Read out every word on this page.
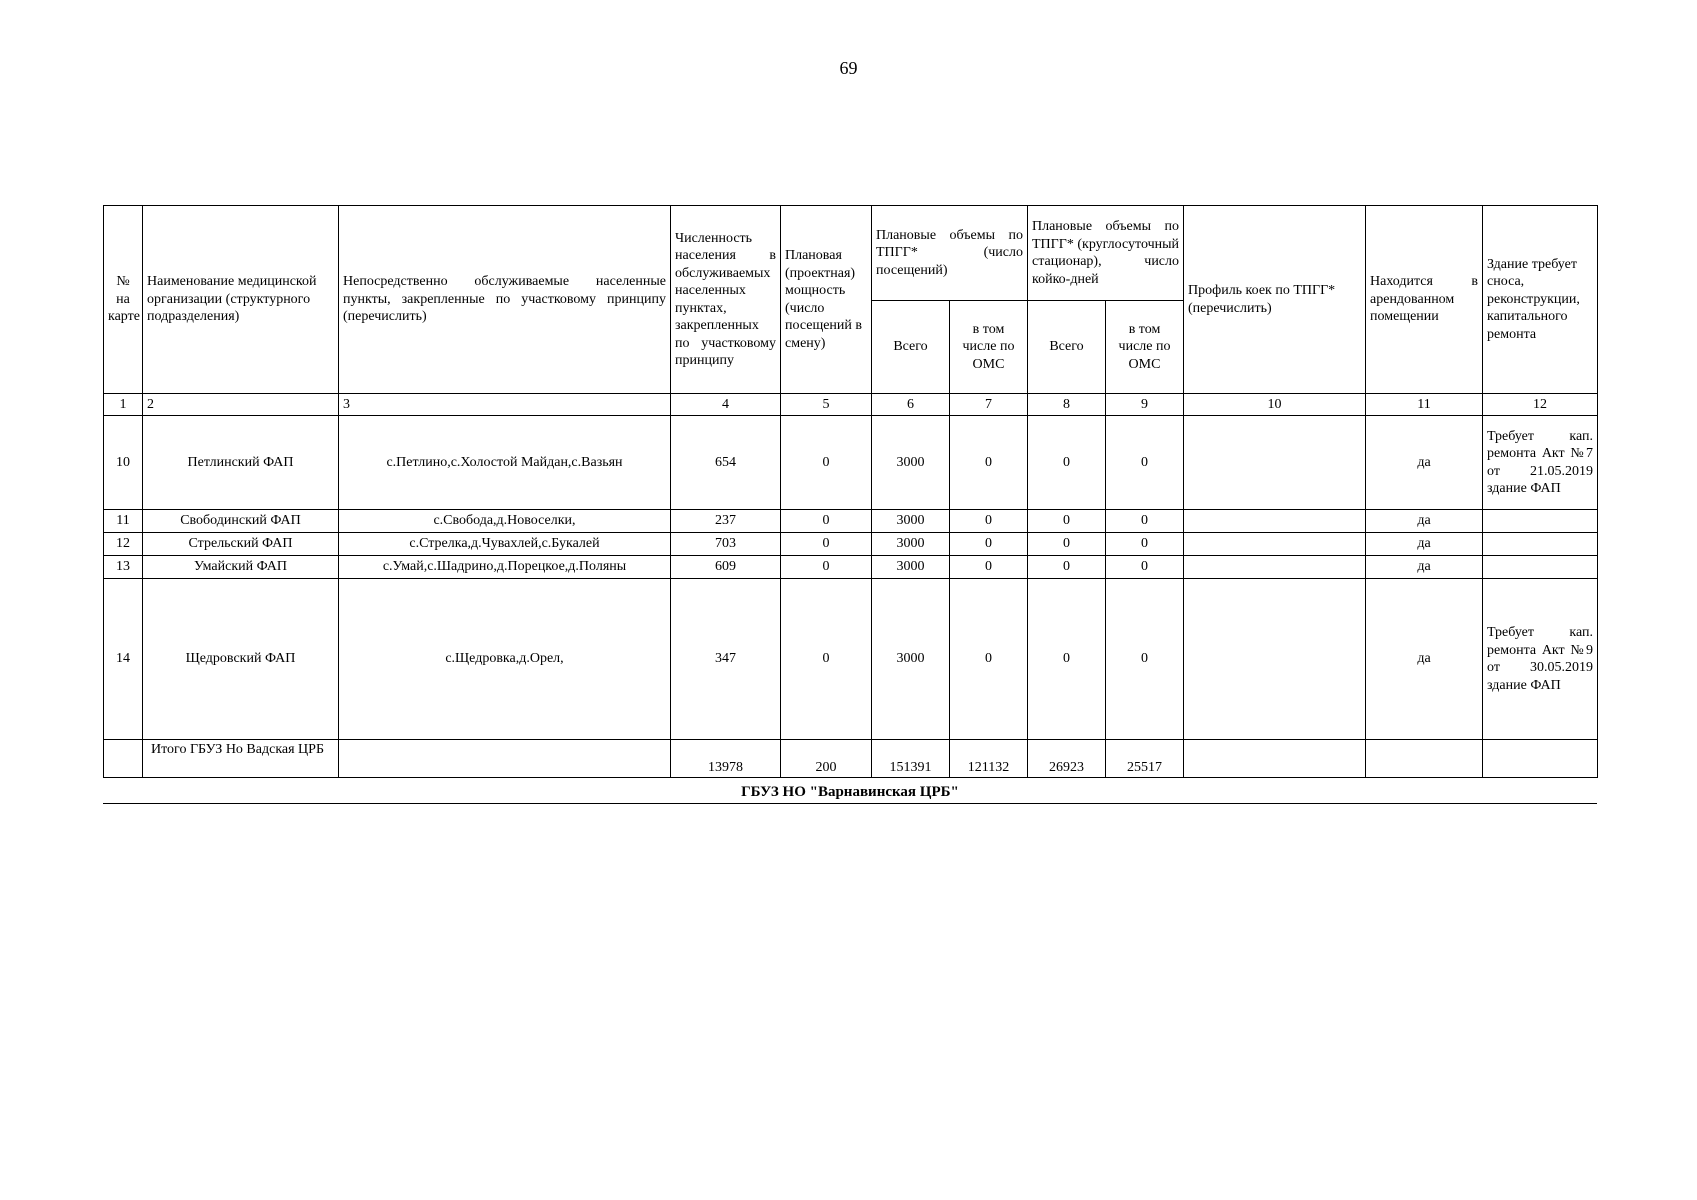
69
№ на карте	Наименование медицинской организации (структурного подразделения)	Непосредственно обслуживаемые населенные пункты, закрепленные по участковому принципу (перечислить)	Численность населения в обслуживаемых населенных пунктах, закрепленных по участковому принципу	Плановая (проектная) мощность (число посещений в смену)	Плановые объемы по ТПГГ* (число посещений)		Плановые объемы по ТПГГ* (круглосуточный стационар), число койко-дней		Профиль коек по ТПГГ* (перечислить)	Находится в арендованном помещении	Здание требует сноса, реконструкции, капитального ремонта
					Всего	в том числе по ОМС	Всего	в том числе по ОМС			
1	2	3	4	5	6	7	8	9	10	11	12
10	Петлинский ФАП	с.Петлино,с.Холостой Майдан,с.Вазьян	654	0	3000	0	0	0		да	Требует кап. ремонта Акт №7 от 21.05.2019 здание ФАП
11	Свободинский ФАП	с.Свобода,д.Новоселки,	237	0	3000	0	0	0		да	
12	Стрельский ФАП	с.Стрелка,д.Чувахлей,с.Букалей	703	0	3000	0	0	0		да	
13	Умайский ФАП	с.Умай,с.Шадрино,д.Порецкое,д.Поляны	609	0	3000	0	0	0		да	
14	Щедровский ФАП	с.Щедровка,д.Орел,	347	0	3000	0	0	0		да	Требует кап. ремонта Акт №9 от 30.05.2019 здание ФАП
	Итого ГБУЗ Но Вадская ЦРБ		13978	200	151391	121132	26923	25517			
ГБУЗ НО "Варнавинская ЦРБ"
